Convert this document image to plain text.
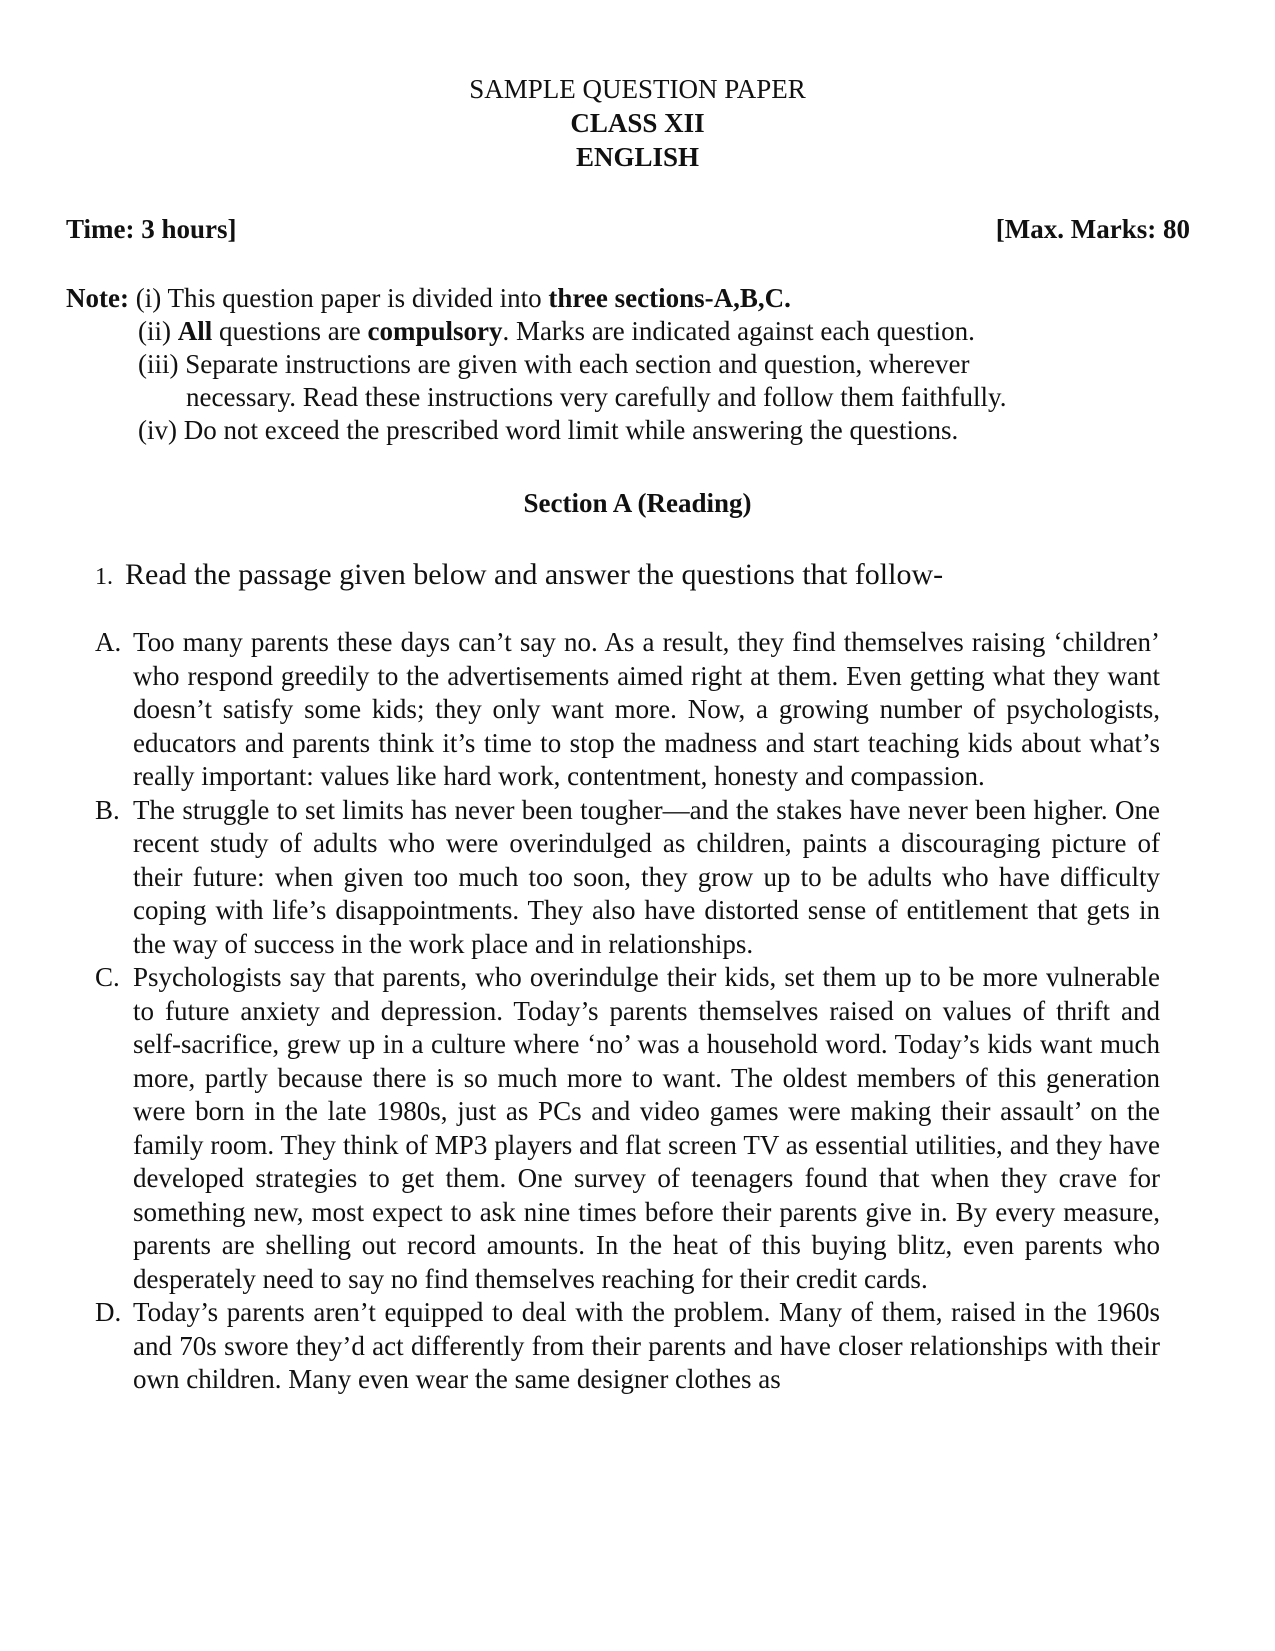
SAMPLE QUESTION PAPER
CLASS XII
ENGLISH
Time: 3 hours]	[Max. Marks: 80
Note: (i) This question paper is divided into three sections-A,B,C.
(ii) All questions are compulsory. Marks are indicated against each question.
(iii) Separate instructions are given with each section and question, wherever
necessary. Read these instructions very carefully and follow them faithfully.
(iv) Do not exceed the prescribed word limit while answering the questions.
Section A (Reading)
1. Read the passage given below and answer the questions that follow-

A. Too many parents these days can’t say no. As a result, they find themselves raising ‘children’ who respond greedily to the advertisements aimed right at them. Even getting what they want doesn’t satisfy some kids; they only want more. Now, a growing number of psychologists, educators and parents think it’s time to stop the madness and start teaching kids about what’s really important: values like hard work, contentment, honesty and compassion.

B. The struggle to set limits has never been tougher—and the stakes have never been higher. One recent study of adults who were overindulged as children, paints a discouraging picture of their future: when given too much too soon, they grow up to be adults who have difficulty coping with life’s disappointments. They also have distorted sense of entitlement that gets in the way of success in the work place and in relationships.

C. Psychologists say that parents, who overindulge their kids, set them up to be more vulnerable to future anxiety and depression. Today’s parents themselves raised on values of thrift and self-sacrifice, grew up in a culture where ‘no’ was a household word. Today’s kids want much more, partly because there is so much more to want. The oldest members of this generation were born in the late 1980s, just as PCs and video games were making their assault’ on the family room. They think of MP3 players and flat screen TV as essential utilities, and they have developed strategies to get them. One survey of teenagers found that when they crave for something new, most expect to ask nine times before their parents give in. By every measure, parents are shelling out record amounts. In the heat of this buying blitz, even parents who desperately need to say no find themselves reaching for their credit cards.

D. Today’s parents aren’t equipped to deal with the problem. Many of them, raised in the 1960s and 70s swore they’d act differently from their parents and have closer relationships with their own children. Many even wear the same designer clothes as
